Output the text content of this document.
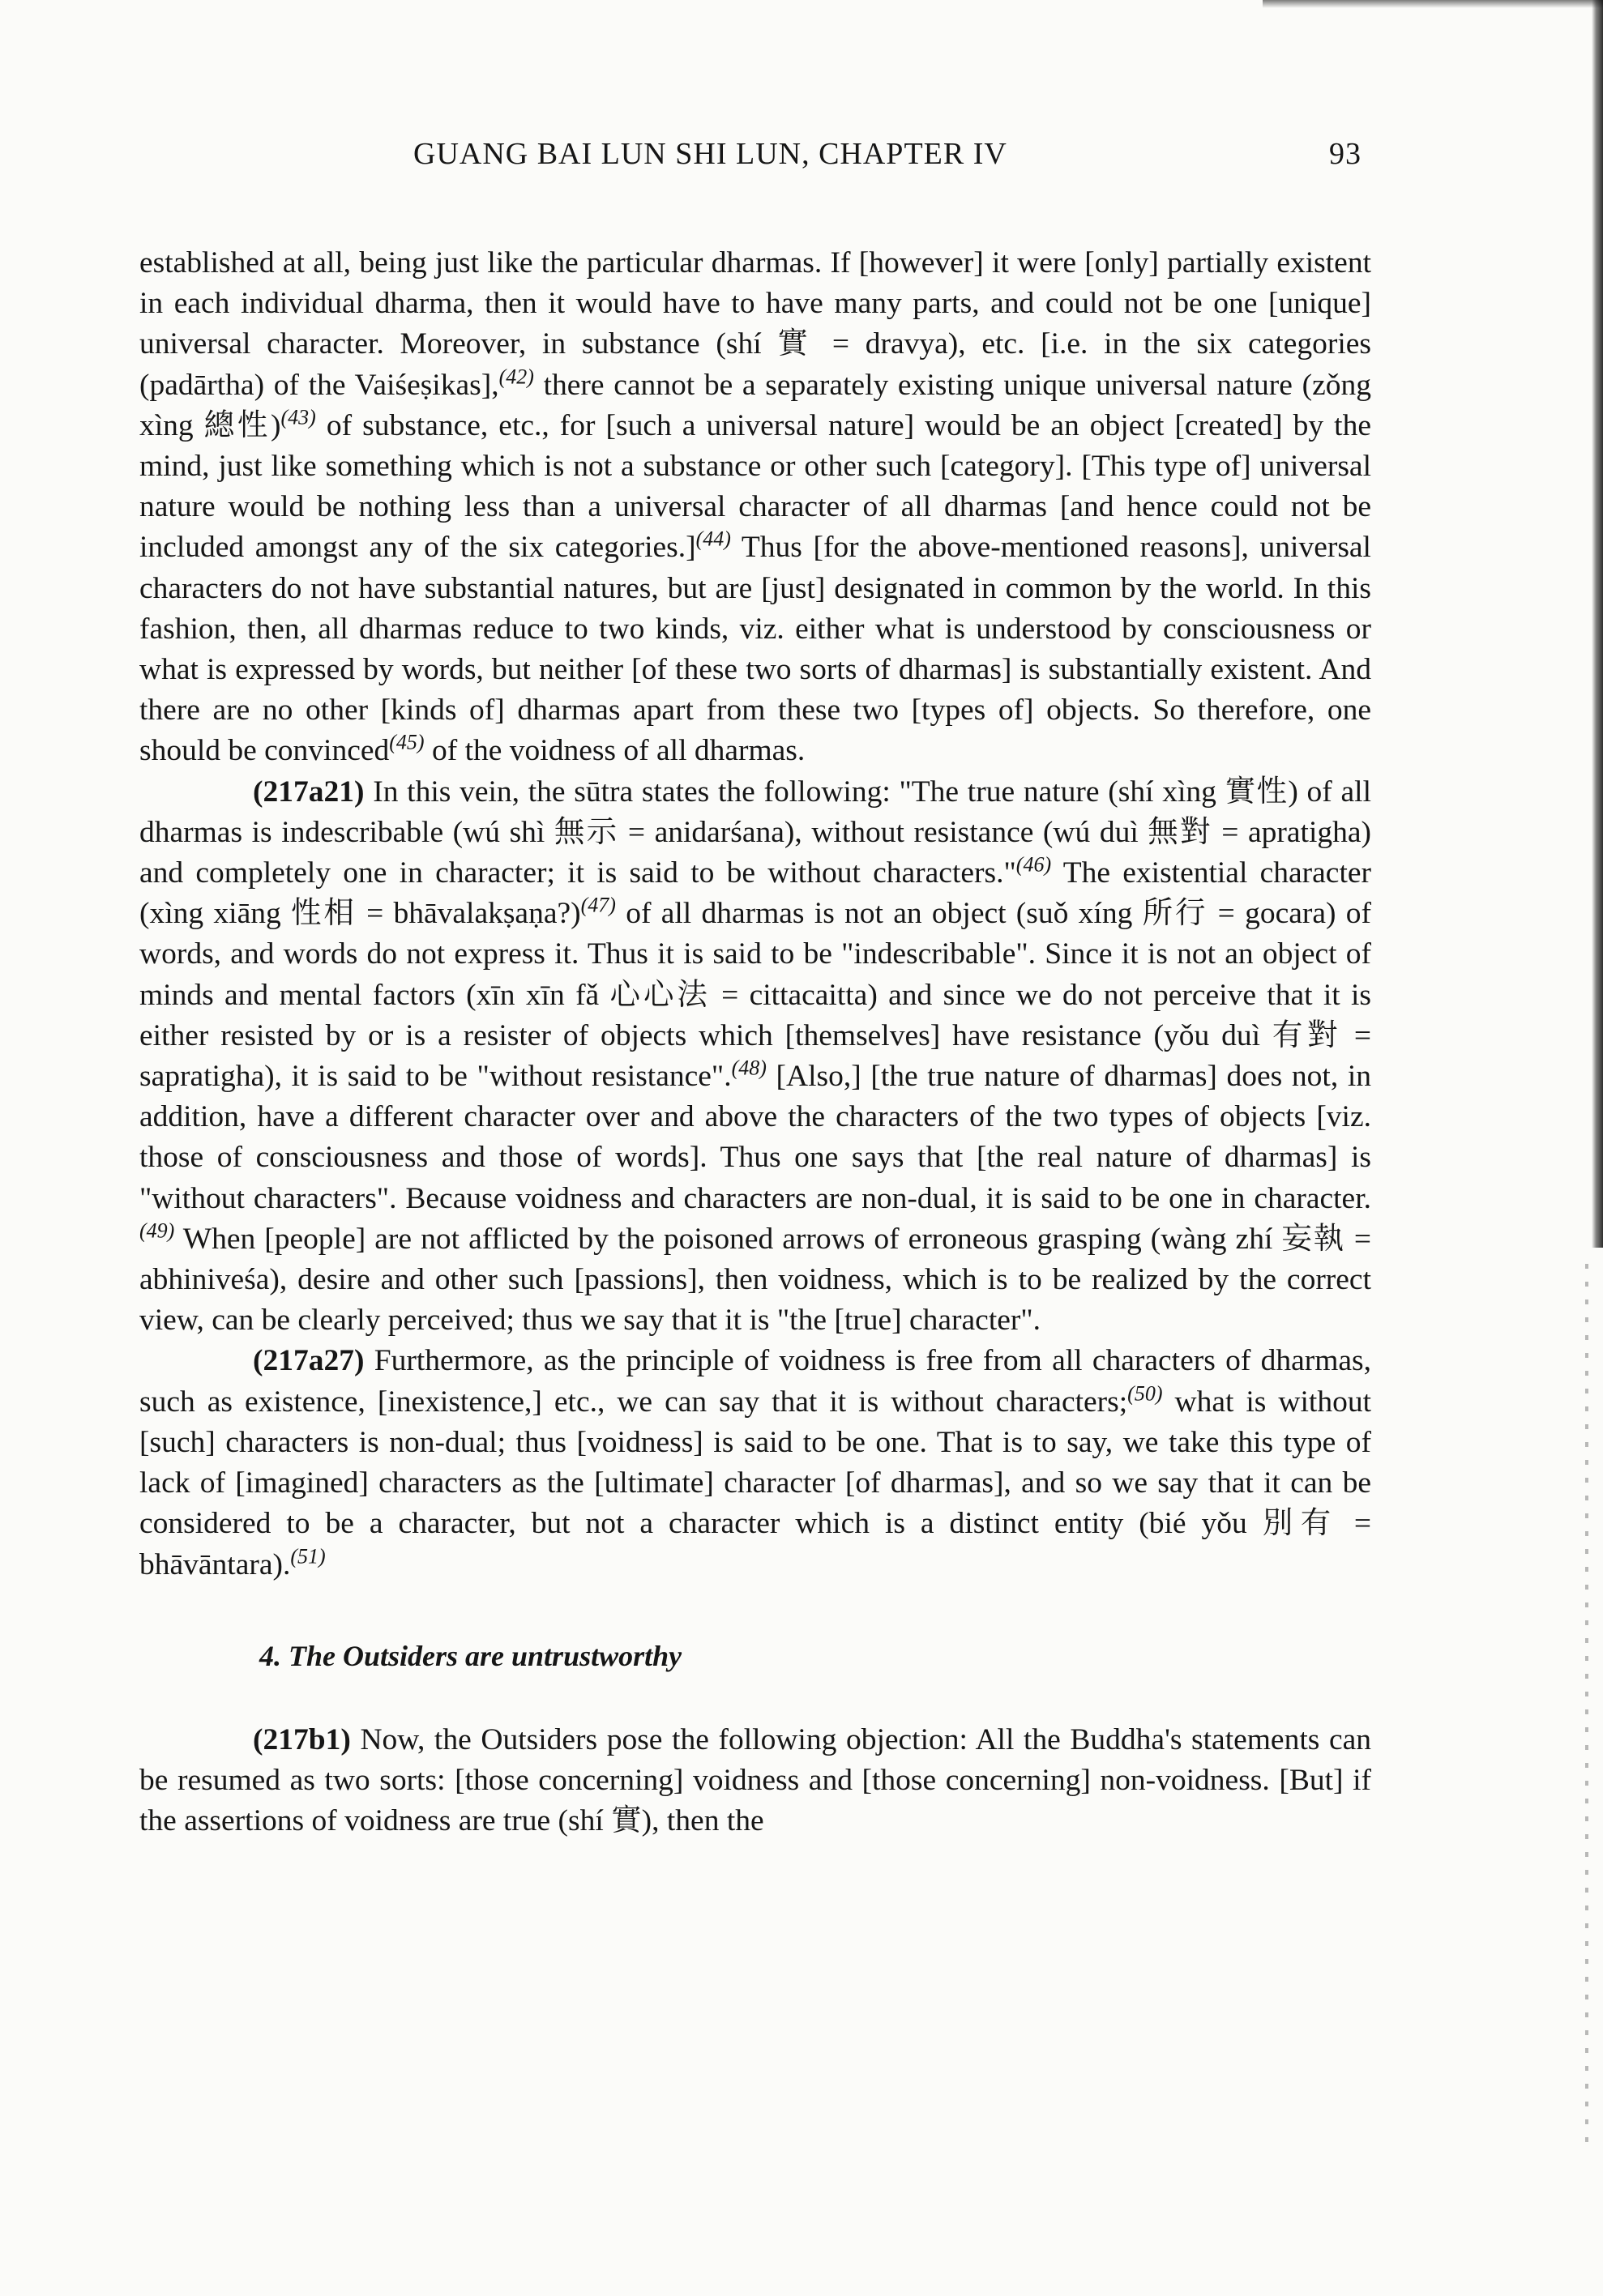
GUANG BAI LUN SHI LUN, CHAPTER IV	93

established at all, being just like the particular dharmas. If [however] it were [only] partially existent in each individual dharma, then it would have to have many parts, and could not be one [unique] universal character. Moreover, in substance (shí 實 = dravya), etc. [i.e. in the six categories (padārtha) of the Vaiśeṣikas],$^{(42)}$ there cannot be a separately existing unique universal nature (zǒng xìng 總性)$^{(43)}$ of substance, etc., for [such a universal nature] would be an object [created] by the mind, just like something which is not a substance or other such [category]. [This type of] universal nature would be nothing less than a universal character of all dharmas [and hence could not be included amongst any of the six categories.]$^{(44)}$ Thus [for the above-mentioned reasons], universal characters do not have substantial natures, but are [just] designated in common by the world. In this fashion, then, all dharmas reduce to two kinds, viz. either what is understood by consciousness or what is expressed by words, but neither [of these two sorts of dharmas] is substantially existent. And there are no other [kinds of] dharmas apart from these two [types of] objects. So therefore, one should be convinced$^{(45)}$ of the voidness of all dharmas.

(217a21) In this vein, the sūtra states the following: "The true nature (shí xìng 實性) of all dharmas is indescribable (wú shì 無示 = anidarśana), without resistance (wú duì 無對 = apratigha) and completely one in character; it is said to be without characters."$^{(46)}$ The existential character (xìng xiāng 性相 = bhāvalakṣaṇa?)$^{(47)}$ of all dharmas is not an object (suǒ xíng 所行 = gocara) of words, and words do not express it. Thus it is said to be "indescribable". Since it is not an object of minds and mental factors (xīn xīn fǎ 心心法 = cittacaitta) and since we do not perceive that it is either resisted by or is a resister of objects which [themselves] have resistance (yǒu duì 有對 = sapratigha), it is said to be "without resistance".$^{(48)}$ [Also,] [the true nature of dharmas] does not, in addition, have a different character over and above the characters of the two types of objects [viz. those of consciousness and those of words]. Thus one says that [the real nature of dharmas] is "without characters". Because voidness and characters are non-dual, it is said to be one in character.$^{(49)}$ When [people] are not afflicted by the poisoned arrows of erroneous grasping (wàng zhí 妄執 = abhiniveśa), desire and other such [passions], then voidness, which is to be realized by the correct view, can be clearly perceived; thus we say that it is "the [true] character".

(217a27) Furthermore, as the principle of voidness is free from all characters of dharmas, such as existence, [inexistence,] etc., we can say that it is without characters;$^{(50)}$ what is without [such] characters is non-dual; thus [voidness] is said to be one. That is to say, we take this type of lack of [imagined] characters as the [ultimate] character [of dharmas], and so we say that it can be considered to be a character, but not a character which is a distinct entity (bié yǒu 別有 = bhāvāntara).$^{(51)}$

4. The Outsiders are untrustworthy

(217b1) Now, the Outsiders pose the following objection: All the Buddha's statements can be resumed as two sorts: [those concerning] voidness and [those concerning] non-voidness. [But] if the assertions of voidness are true (shí 實), then the
